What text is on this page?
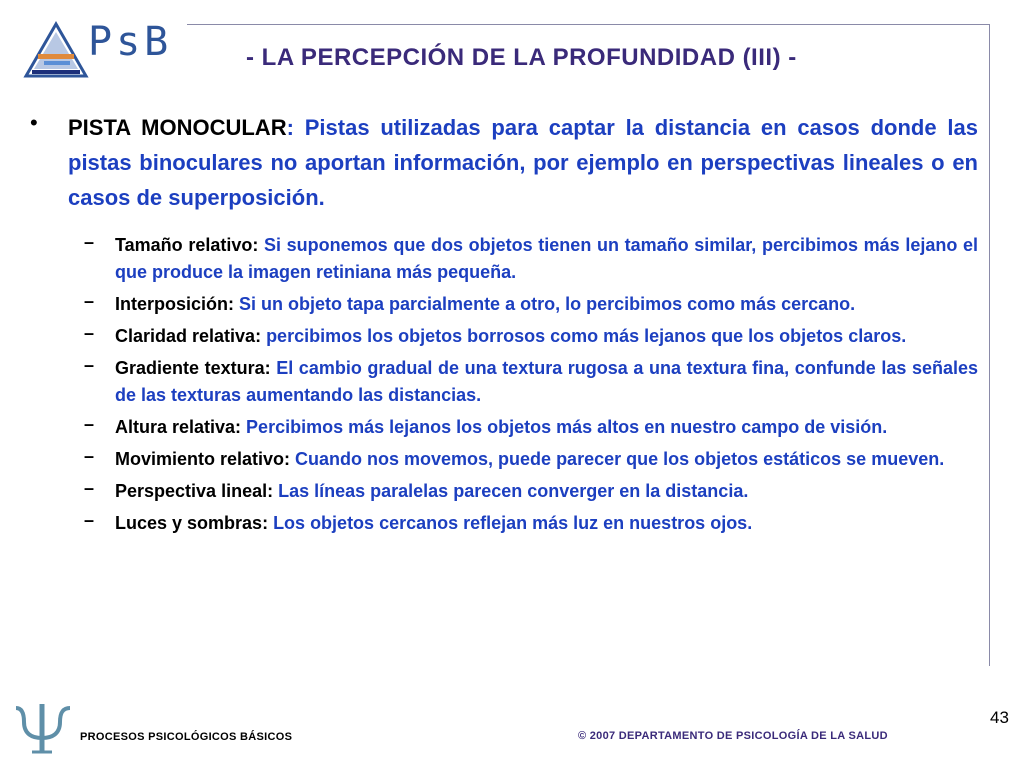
PsB	- LA PERCEPCIÓN DE LA PROFUNDIDAD (III) -
• PISTA MONOCULAR: Pistas utilizadas para captar la distancia en casos donde las pistas binoculares no aportan información, por ejemplo en perspectivas lineales o en casos de superposición.
– Tamaño relativo: Si suponemos que dos objetos tienen un tamaño similar, percibimos más lejano el que produce la imagen retiniana más pequeña.
– Interposición: Si un objeto tapa parcialmente a otro, lo percibimos como más cercano.
– Claridad relativa: percibimos los objetos borrosos como más lejanos que los objetos claros.
– Gradiente textura: El cambio gradual de una textura rugosa a una textura fina, confunde las señales de las texturas aumentando las distancias.
– Altura relativa: Percibimos más lejanos los objetos más altos en nuestro campo de visión.
– Movimiento relativo: Cuando nos movemos, puede parecer que los objetos estáticos se mueven.
– Perspectiva lineal: Las líneas paralelas parecen converger en la distancia.
– Luces y sombras: Los objetos cercanos reflejan más luz en nuestros ojos.
PROCESOS PSICOLÓGICOS BÁSICOS	© 2007 DEPARTAMENTO DE PSICOLOGÍA DE LA SALUD
43
